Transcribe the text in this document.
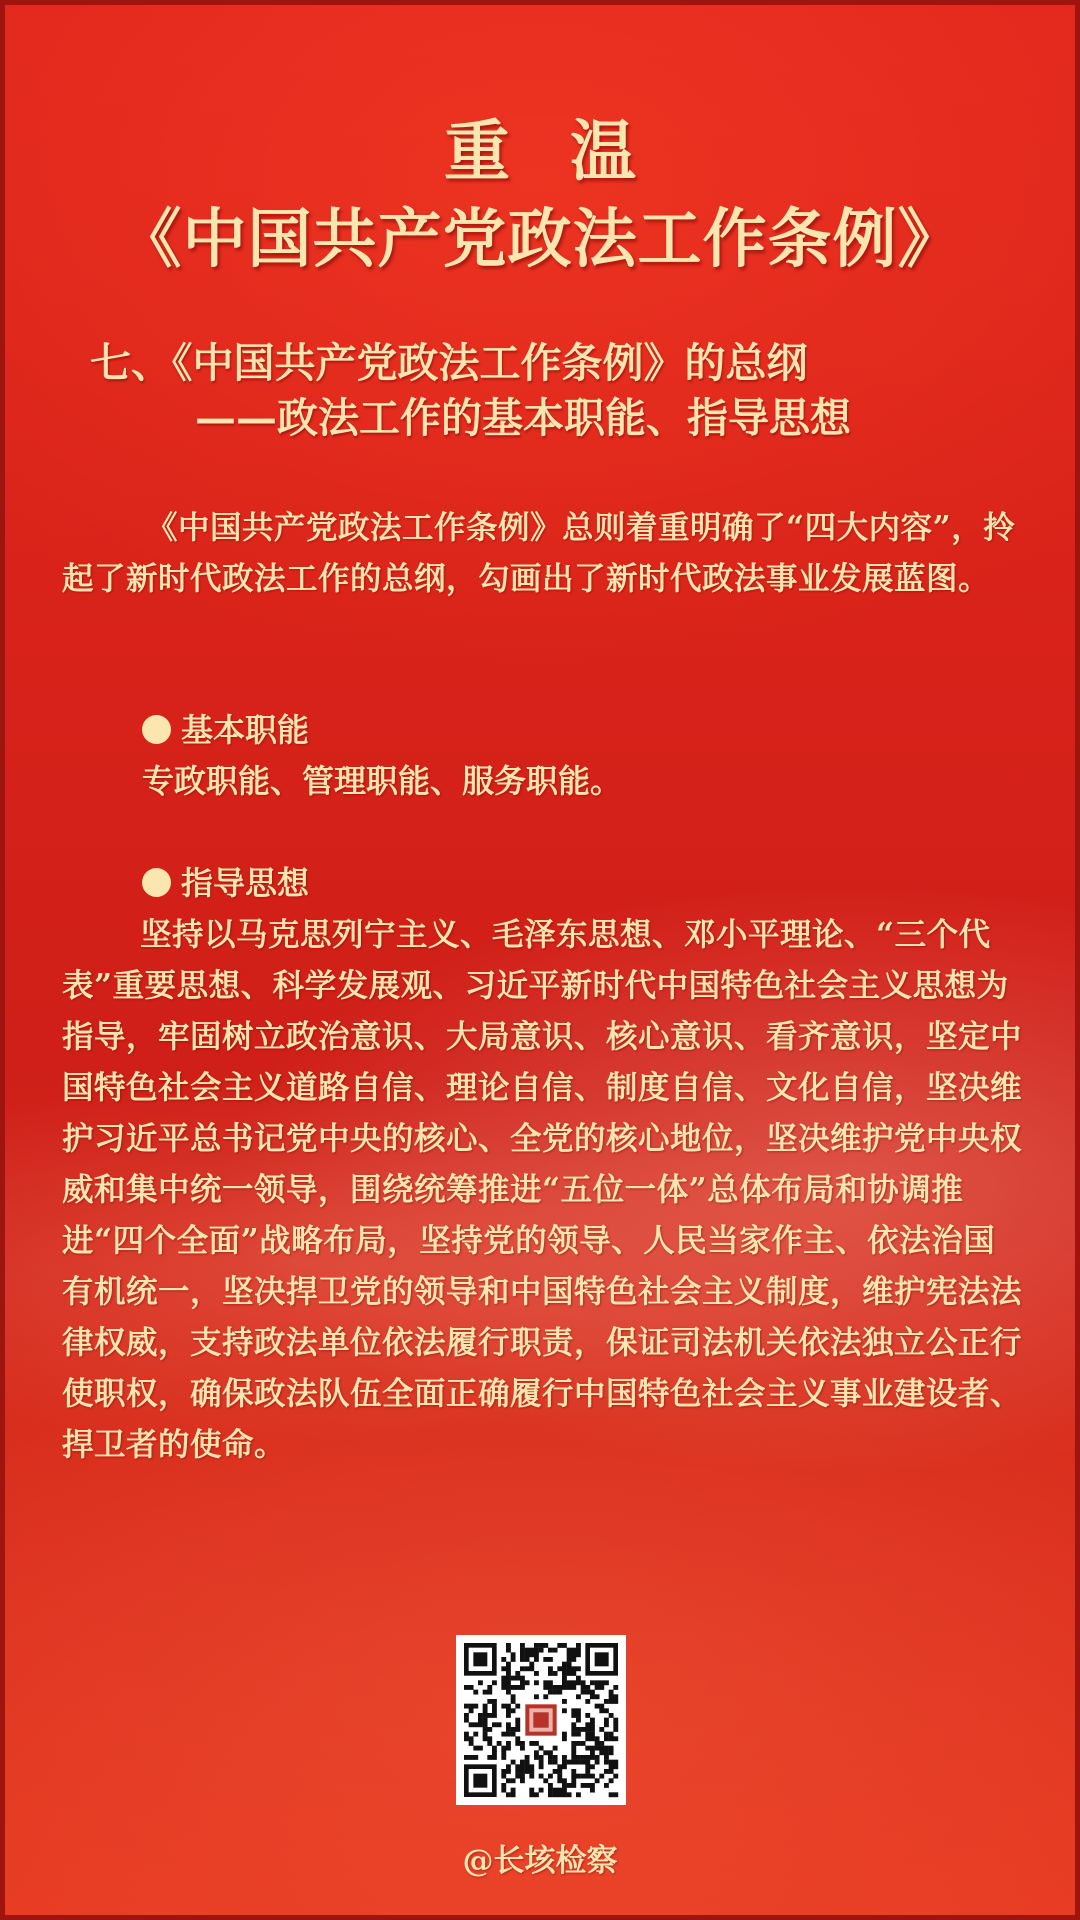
重温
《中国共产党政法工作条例》
七、《中国共产党政法工作条例》的总纲
——政法工作的基本职能、指导思想
《中国共产党政法工作条例》总则着重明确了“四大内容”，拎起了新时代政法工作的总纲，勾画出了新时代政法事业发展蓝图。
基本职能
专政职能、管理职能、服务职能。
指导思想
坚持以马克思列宁主义、毛泽东思想、邓小平理论、“三个代表”重要思想、科学发展观、习近平新时代中国特色社会主义思想为指导，牢固树立政治意识、大局意识、核心意识、看齐意识，坚定中国特色社会主义道路自信、理论自信、制度自信、文化自信，坚决维护习近平总书记党中央的核心、全党的核心地位，坚决维护党中央权威和集中统一领导，围绕统筹推进“五位一体”总体布局和协调推进“四个全面”战略布局，坚持党的领导、人民当家作主、依法治国有机统一，坚决捍卫党的领导和中国特色社会主义制度，维护宪法法律权威，支持政法单位依法履行职责，保证司法机关依法独立公正行使职权，确保政法队伍全面正确履行中国特色社会主义事业建设者、捍卫者的使命。
@长垓检察
